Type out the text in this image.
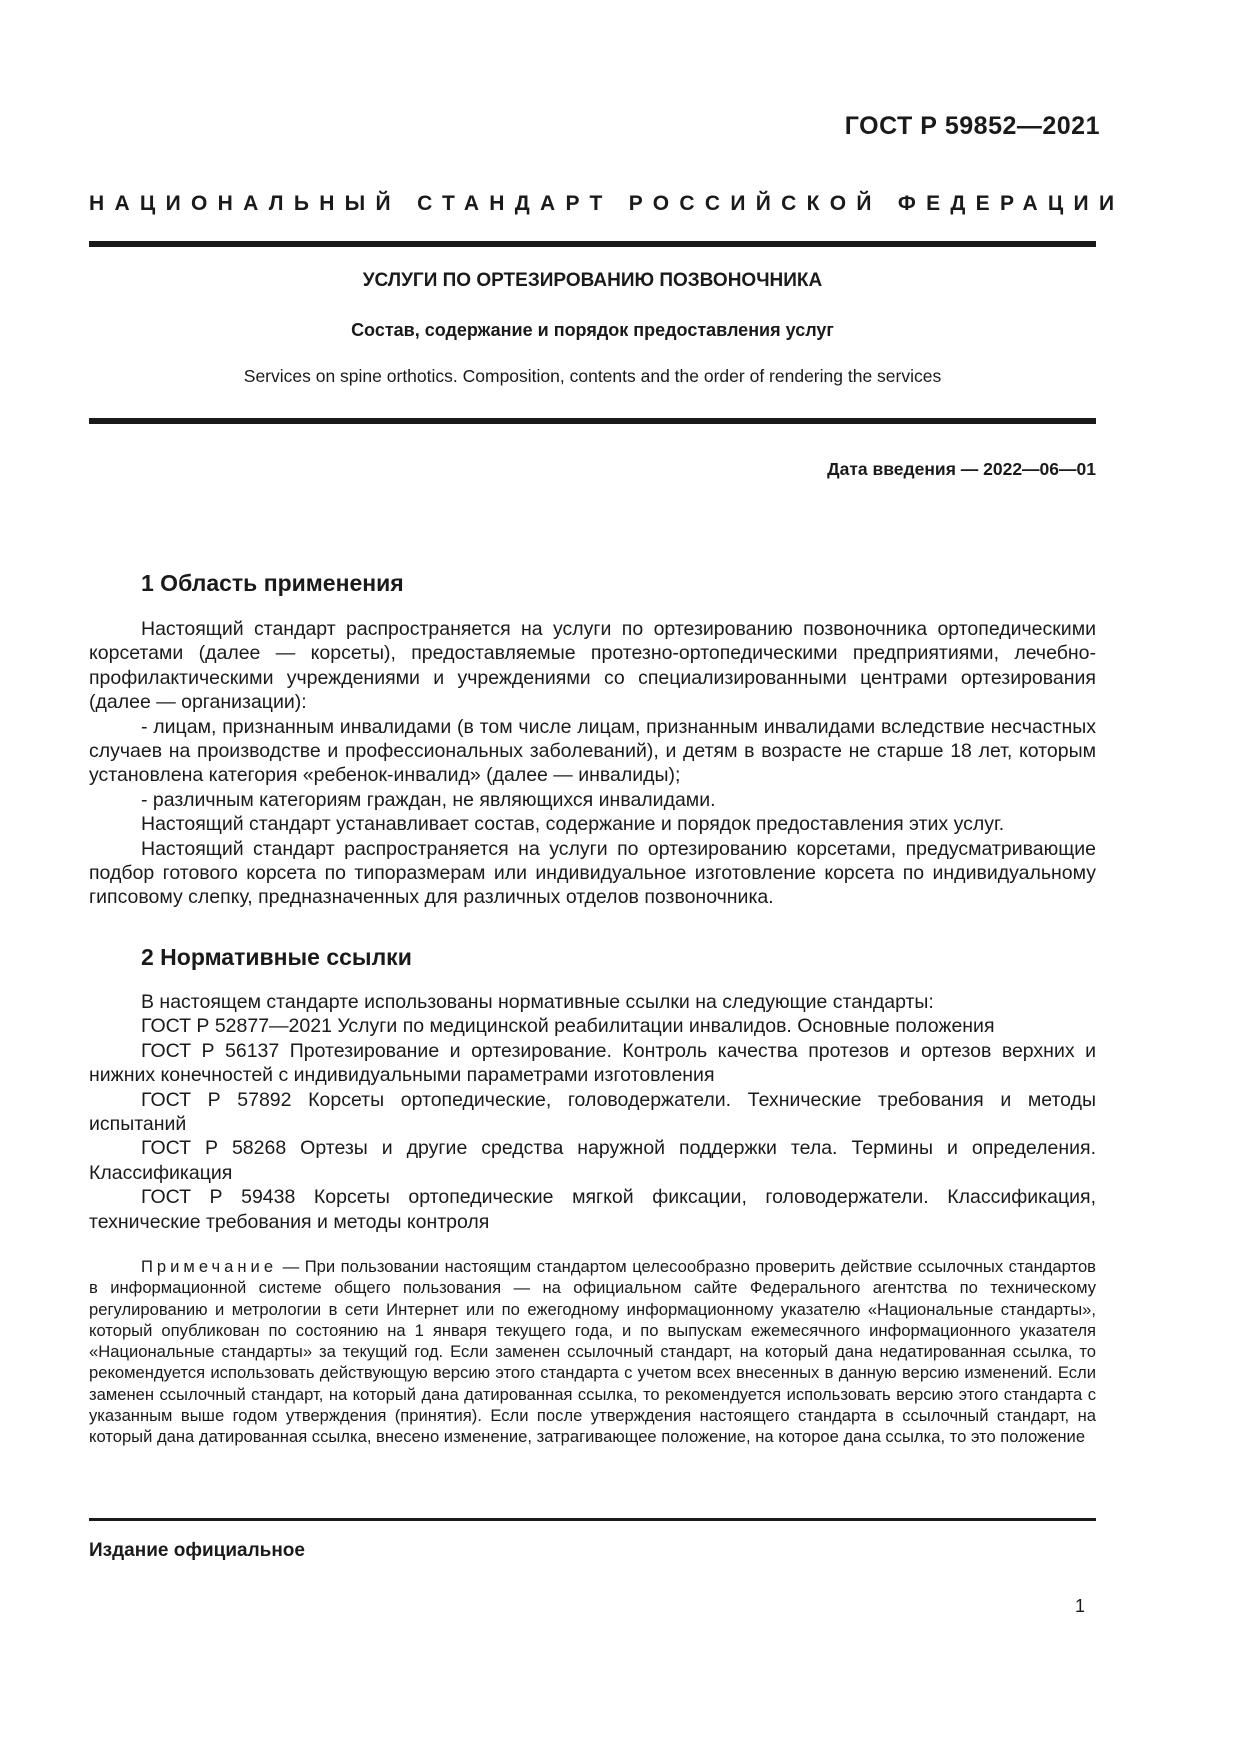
ГОСТ Р 59852—2021
НАЦИОНАЛЬНЫЙ СТАНДАРТ РОССИЙСКОЙ ФЕДЕРАЦИИ
УСЛУГИ ПО ОРТЕЗИРОВАНИЮ ПОЗВОНОЧНИКА
Состав, содержание и порядок предоставления услуг
Services on spine orthotics. Composition, contents and the order of rendering the services
Дата введения — 2022—06—01
1 Область применения

Настоящий стандарт распространяется на услуги по ортезированию позвоночника ортопедическими корсетами (далее — корсеты), предоставляемые протезно-ортопедическими предприятиями, лечебно-профилактическими учреждениями и учреждениями со специализированными центрами ортезирования (далее — организации):

- лицам, признанным инвалидами (в том числе лицам, признанным инвалидами вследствие несчастных случаев на производстве и профессиональных заболеваний), и детям в возрасте не старше 18 лет, которым установлена категория «ребенок-инвалид» (далее — инвалиды);

- различным категориям граждан, не являющихся инвалидами.

Настоящий стандарт устанавливает состав, содержание и порядок предоставления этих услуг.

Настоящий стандарт распространяется на услуги по ортезированию корсетами, предусматривающие подбор готового корсета по типоразмерам или индивидуальное изготовление корсета по индивидуальному гипсовому слепку, предназначенных для различных отделов позвоночника.

2 Нормативные ссылки

В настоящем стандарте использованы нормативные ссылки на следующие стандарты:

ГОСТ Р 52877—2021 Услуги по медицинской реабилитации инвалидов. Основные положения

ГОСТ Р 56137 Протезирование и ортезирование. Контроль качества протезов и ортезов верхних и нижних конечностей с индивидуальными параметрами изготовления

ГОСТ Р 57892 Корсеты ортопедические, головодержатели. Технические требования и методы испытаний

ГОСТ Р 58268 Ортезы и другие средства наружной поддержки тела. Термины и определения. Классификация

ГОСТ Р 59438 Корсеты ортопедические мягкой фиксации, головодержатели. Классификация, технические требования и методы контроля

Примечание — При пользовании настоящим стандартом целесообразно проверить действие ссылочных стандартов в информационной системе общего пользования — на официальном сайте Федерального агентства по техническому регулированию и метрологии в сети Интернет или по ежегодному информационному указателю «Национальные стандарты», который опубликован по состоянию на 1 января текущего года, и по выпускам ежемесячного информационного указателя «Национальные стандарты» за текущий год. Если заменен ссылочный стандарт, на который дана недатированная ссылка, то рекомендуется использовать действующую версию этого стандарта с учетом всех внесенных в данную версию изменений. Если заменен ссылочный стандарт, на который дана датированная ссылка, то рекомендуется использовать версию этого стандарта с указанным выше годом утверждения (принятия). Если после утверждения настоящего стандарта в ссылочный стандарт, на который дана датированная ссылка, внесено изменение, затрагивающее положение, на которое дана ссылка, то это положение

Издание официальное
1
